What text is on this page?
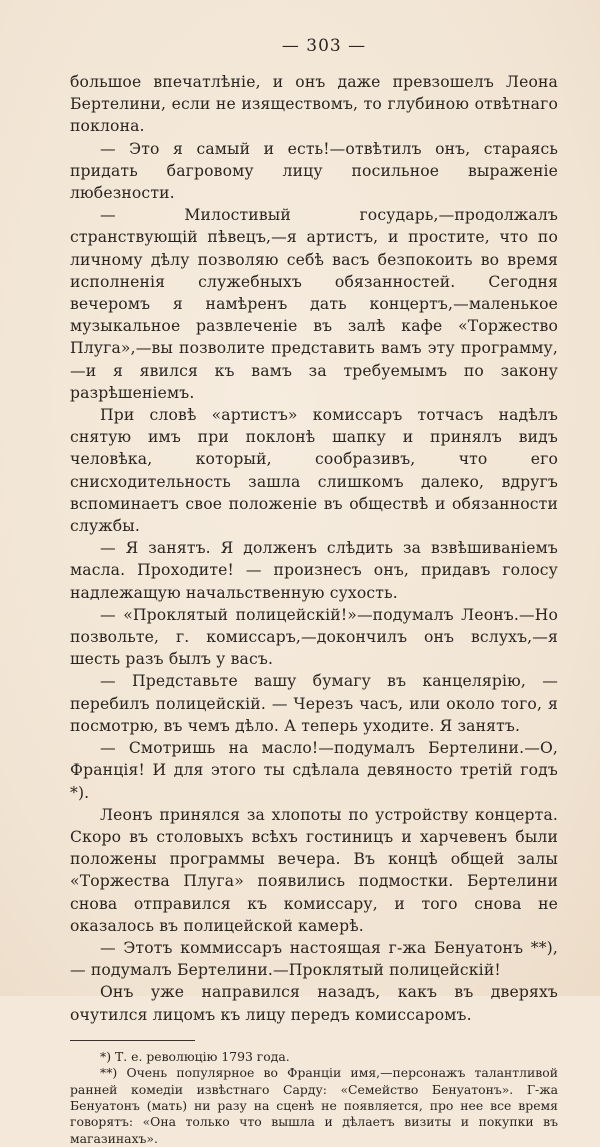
— 303 —

большое впечатлѣніе, и онъ даже превзошелъ Леона Бертелини, если не изяществомъ, то глубиною отвѣтнаго поклона.

— Это я самый и есть!—отвѣтилъ онъ, стараясь придать багровому лицу посильное выраженіе любезности.

— Милостивый государь,—продолжалъ странствующій пѣвецъ,—я артистъ, и простите, что по личному дѣлу позволяю себѣ васъ безпокоить во время исполненія служебныхъ обязанностей. Сегодня вечеромъ я намѣренъ дать концертъ,—маленькое музыкальное развлеченіе въ залѣ кафе «Торжество Плуга»,—вы позволите представить вамъ эту программу,—и я явился къ вамъ за требуемымъ по закону разрѣшеніемъ.

При словѣ «артистъ» комиссаръ тотчасъ надѣлъ снятую имъ при поклонѣ шапку и принялъ видъ человѣка, который, сообразивъ, что его снисходительность зашла слишкомъ далеко, вдругъ вспоминаетъ свое положеніе въ обществѣ и обязанности службы.

— Я занятъ. Я долженъ слѣдить за взвѣшиваніемъ масла. Проходите! — произнесъ онъ, придавъ голосу надлежащую начальственную сухость.

— «Проклятый полицейскій!»—подумалъ Леонъ.—Но позвольте, г. комиссаръ,—докончилъ онъ вслухъ,—я шесть разъ былъ у васъ.

— Представьте вашу бумагу въ канцелярію, — перебилъ полицейскій. — Черезъ часъ, или около того, я посмотрю, въ чемъ дѣло. А теперь уходите. Я занятъ.

— Смотришь на масло!—подумалъ Бертелини.—О, Франція! И для этого ты сдѣлала девяносто третій годъ *).

Леонъ принялся за хлопоты по устройству концерта. Скоро въ столовыхъ всѣхъ гостиницъ и харчевенъ были положены программы вечера. Въ концѣ общей залы «Торжества Плуга» появились подмостки. Бертелини снова отправился къ комиссару, и того снова не оказалось въ полицейской камерѣ.

— Этотъ коммиссаръ настоящая г-жа Бенуатонъ **), — подумалъ Бертелини.—Проклятый полицейскій!

Онъ уже направился назадъ, какъ въ дверяхъ очутился лицомъ къ лицу передъ комиссаромъ.

*) Т. е. революцію 1793 года.

**) Очень популярное во Франціи имя,—персонажъ талантливой ранней комедіи извѣстнаго Сарду: «Семейство Бенуатонъ». Г-жа Бенуатонъ (мать) ни разу на сценѣ не появляется, про нее все время говорятъ: «Она только что вышла и дѣлаетъ визиты и покупки въ магазинахъ».
